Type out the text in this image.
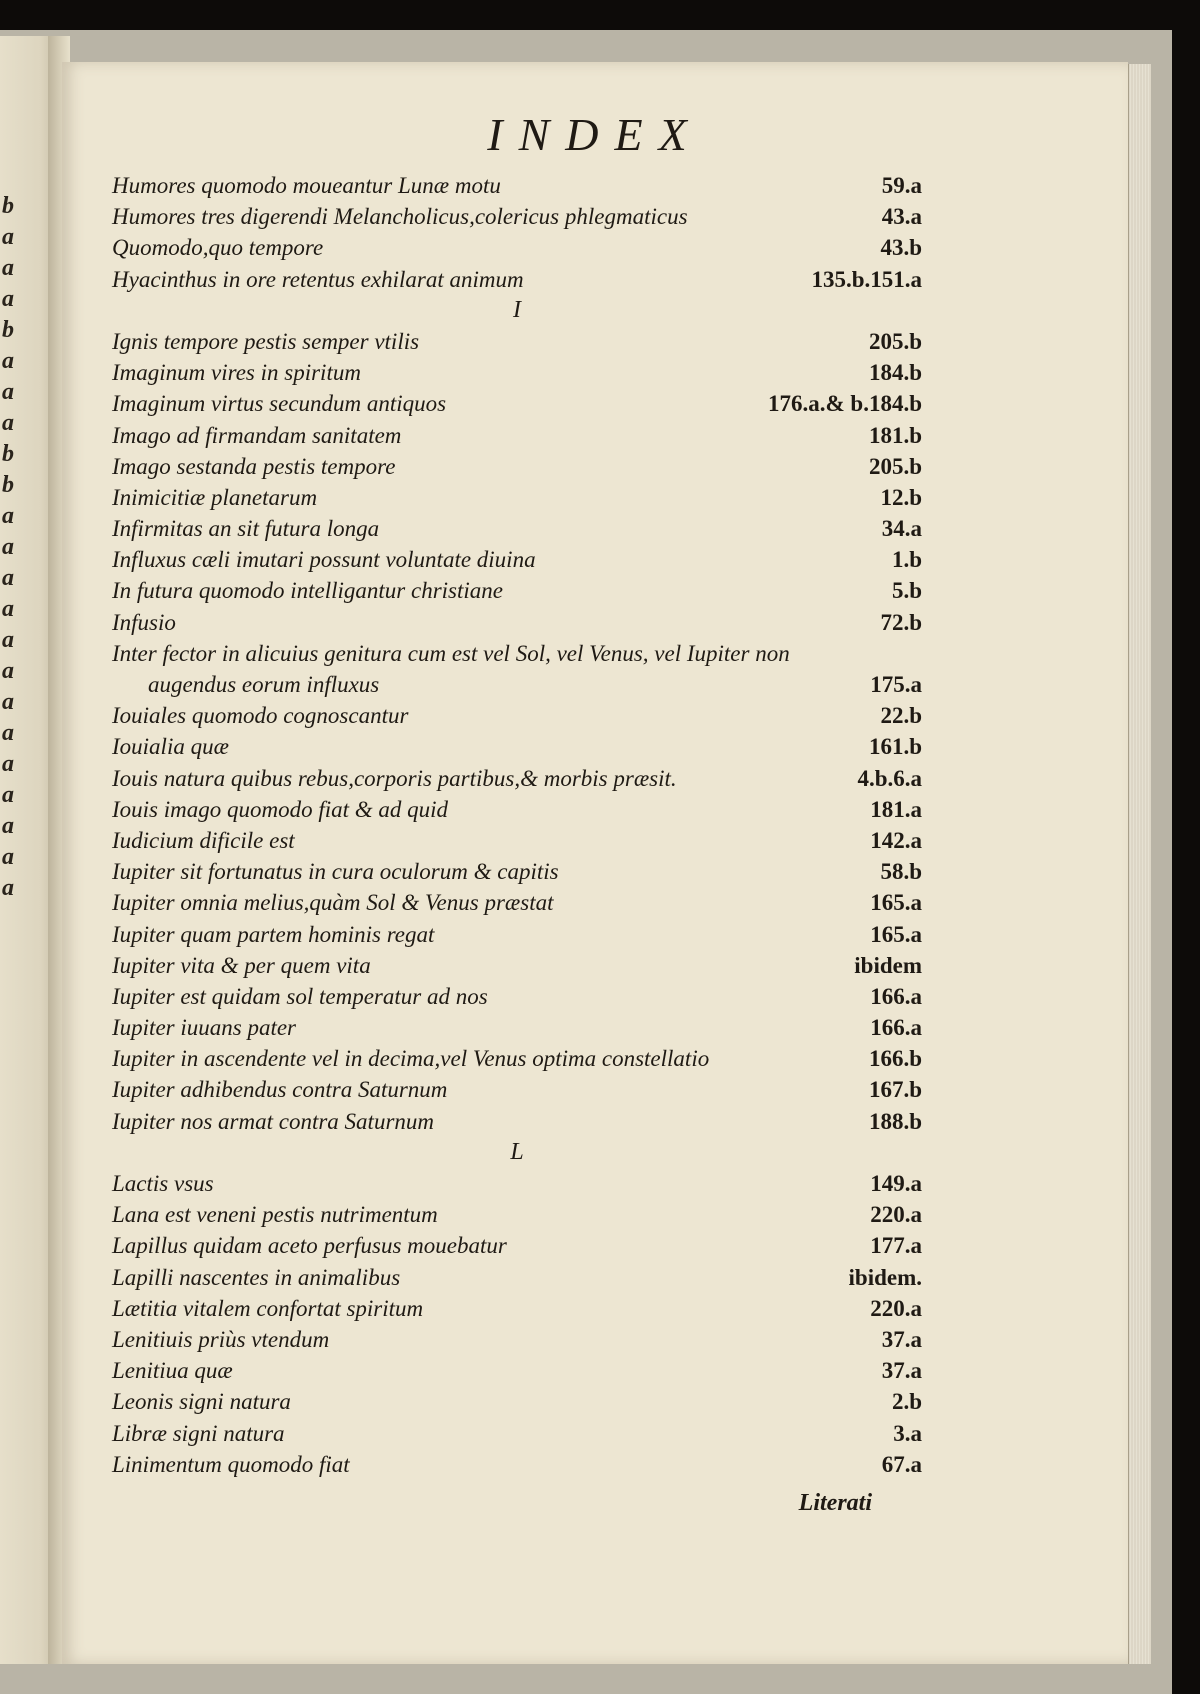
b
a
a
a
b
a
a
a
b
b
a
a
a
a
a
a
a
a
a
a
a
a
a
INDEX
Humores quomodo moueantur Lunæ motu	59.a
Humores tres digerendi Melancholicus,colericus phlegmaticus	43.a
Quomodo,quo tempore	43.b
Hyacinthus in ore retentus exhilarat animum	135.b.151.a
I
Ignis tempore pestis semper vtilis	205.b
Imaginum vires in spiritum	184.b
Imaginum virtus secundum antiquos	176.a.& b.184.b
Imago ad firmandam sanitatem	181.b
Imago sestanda pestis tempore	205.b
Inimicitiæ planetarum	12.b
Infirmitas an sit futura longa	34.a
Influxus cæli imutari possunt voluntate diuina	1.b
In futura quomodo intelligantur christiane	5.b
Infusio	72.b
Inter fector in alicuius genitura cum est vel Sol, vel Venus, vel Iupiter non
augendus eorum influxus	175.a
Iouiales quomodo cognoscantur	22.b
Iouialia quæ	161.b
Iouis natura quibus rebus,corporis partibus,& morbis præsit.	4.b.6.a
Iouis imago quomodo fiat & ad quid	181.a
Iudicium dificile est	142.a
Iupiter sit fortunatus in cura oculorum & capitis	58.b
Iupiter omnia melius,quàm Sol & Venus præstat	165.a
Iupiter quam partem hominis regat	165.a
Iupiter vita & per quem vita	ibidem
Iupiter est quidam sol temperatur ad nos	166.a
Iupiter iuuans pater	166.a
Iupiter in ascendente vel in decima,vel Venus optima constellatio	166.b
Iupiter adhibendus contra Saturnum	167.b
Iupiter nos armat contra Saturnum	188.b
L
Lactis vsus	149.a
Lana est veneni pestis nutrimentum	220.a
Lapillus quidam aceto perfusus mouebatur	177.a
Lapilli nascentes in animalibus	ibidem.
Lætitia vitalem confortat spiritum	220.a
Lenitiuis priùs vtendum	37.a
Lenitiua quæ	37.a
Leonis signi natura	2.b
Libræ signi natura	3.a
Linimentum quomodo fiat	67.a
Literati
